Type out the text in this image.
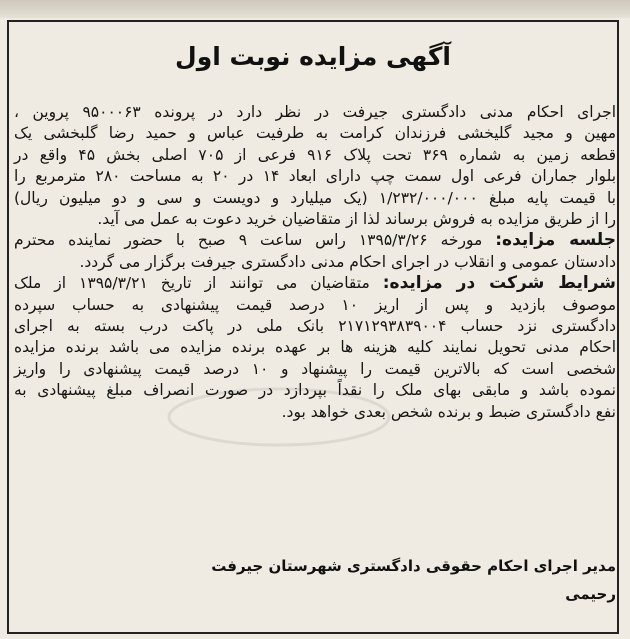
آگهی مزایده نوبت اول

اجرای احکام مدنی دادگستری جیرفت در نظر دارد در پرونده ۹۵۰۰۰۶۳ پروین ،
مهین و مجید گلیخشی فرزندان کرامت به طرفیت عباس و حمید رضا گلبخشی یک
قطعه زمین به شماره ۳۶۹ تحت پلاک ۹۱۶ فرعی از ۷۰۵ اصلی بخش ۴۵ واقع در
بلوار جماران فرعی اول سمت چپ دارای ابعاد ۱۴ در ۲۰ به مساحت ۲۸۰ مترمربع را
با قیمت پایه مبلغ ۱/۲۳۲/۰۰۰/۰۰۰ (یک میلیارد و دویست و سی و دو میلیون ریال)
را از طریق مزایده به فروش برساند لذا از متقاضیان خرید دعوت به عمل می آید.

جلسه مزایده: مورخه ۱۳۹۵/۳/۲۶ راس ساعت ۹ صبح با حضور نماینده محترم
دادستان عمومی و انقلاب در اجرای احکام مدنی دادگستری جیرفت برگزار می گردد.

شرایط شرکت در مزایده: متقاضیان می توانند از تاریخ ۱۳۹۵/۳/۲۱ از ملک
موصوف بازدید و پس از اریز ۱۰ درصد قیمت پیشنهادی به حساب سپرده
دادگستری نزد حساب ۲۱۷۱۲۹۳۸۳۹۰۰۴ بانک ملی در پاکت درب بسته به اجرای
احکام مدنی تحویل نمایند کلیه هزینه ها بر عهده برنده مزایده می باشد برنده مزایده
شخصی است که بالاترین قیمت را پیشنهاد و ۱۰ درصد قیمت پیشنهادی را واریز
نموده باشد و مابقی بهای ملک را نقداً بپردازد در صورت انصراف مبلغ پیشنهادی به
نفع دادگستری ضبط و برنده شخص بعدی خواهد بود.

مدیر اجرای احکام حقوقی دادگستری شهرستان جیرفت
رحیمی
